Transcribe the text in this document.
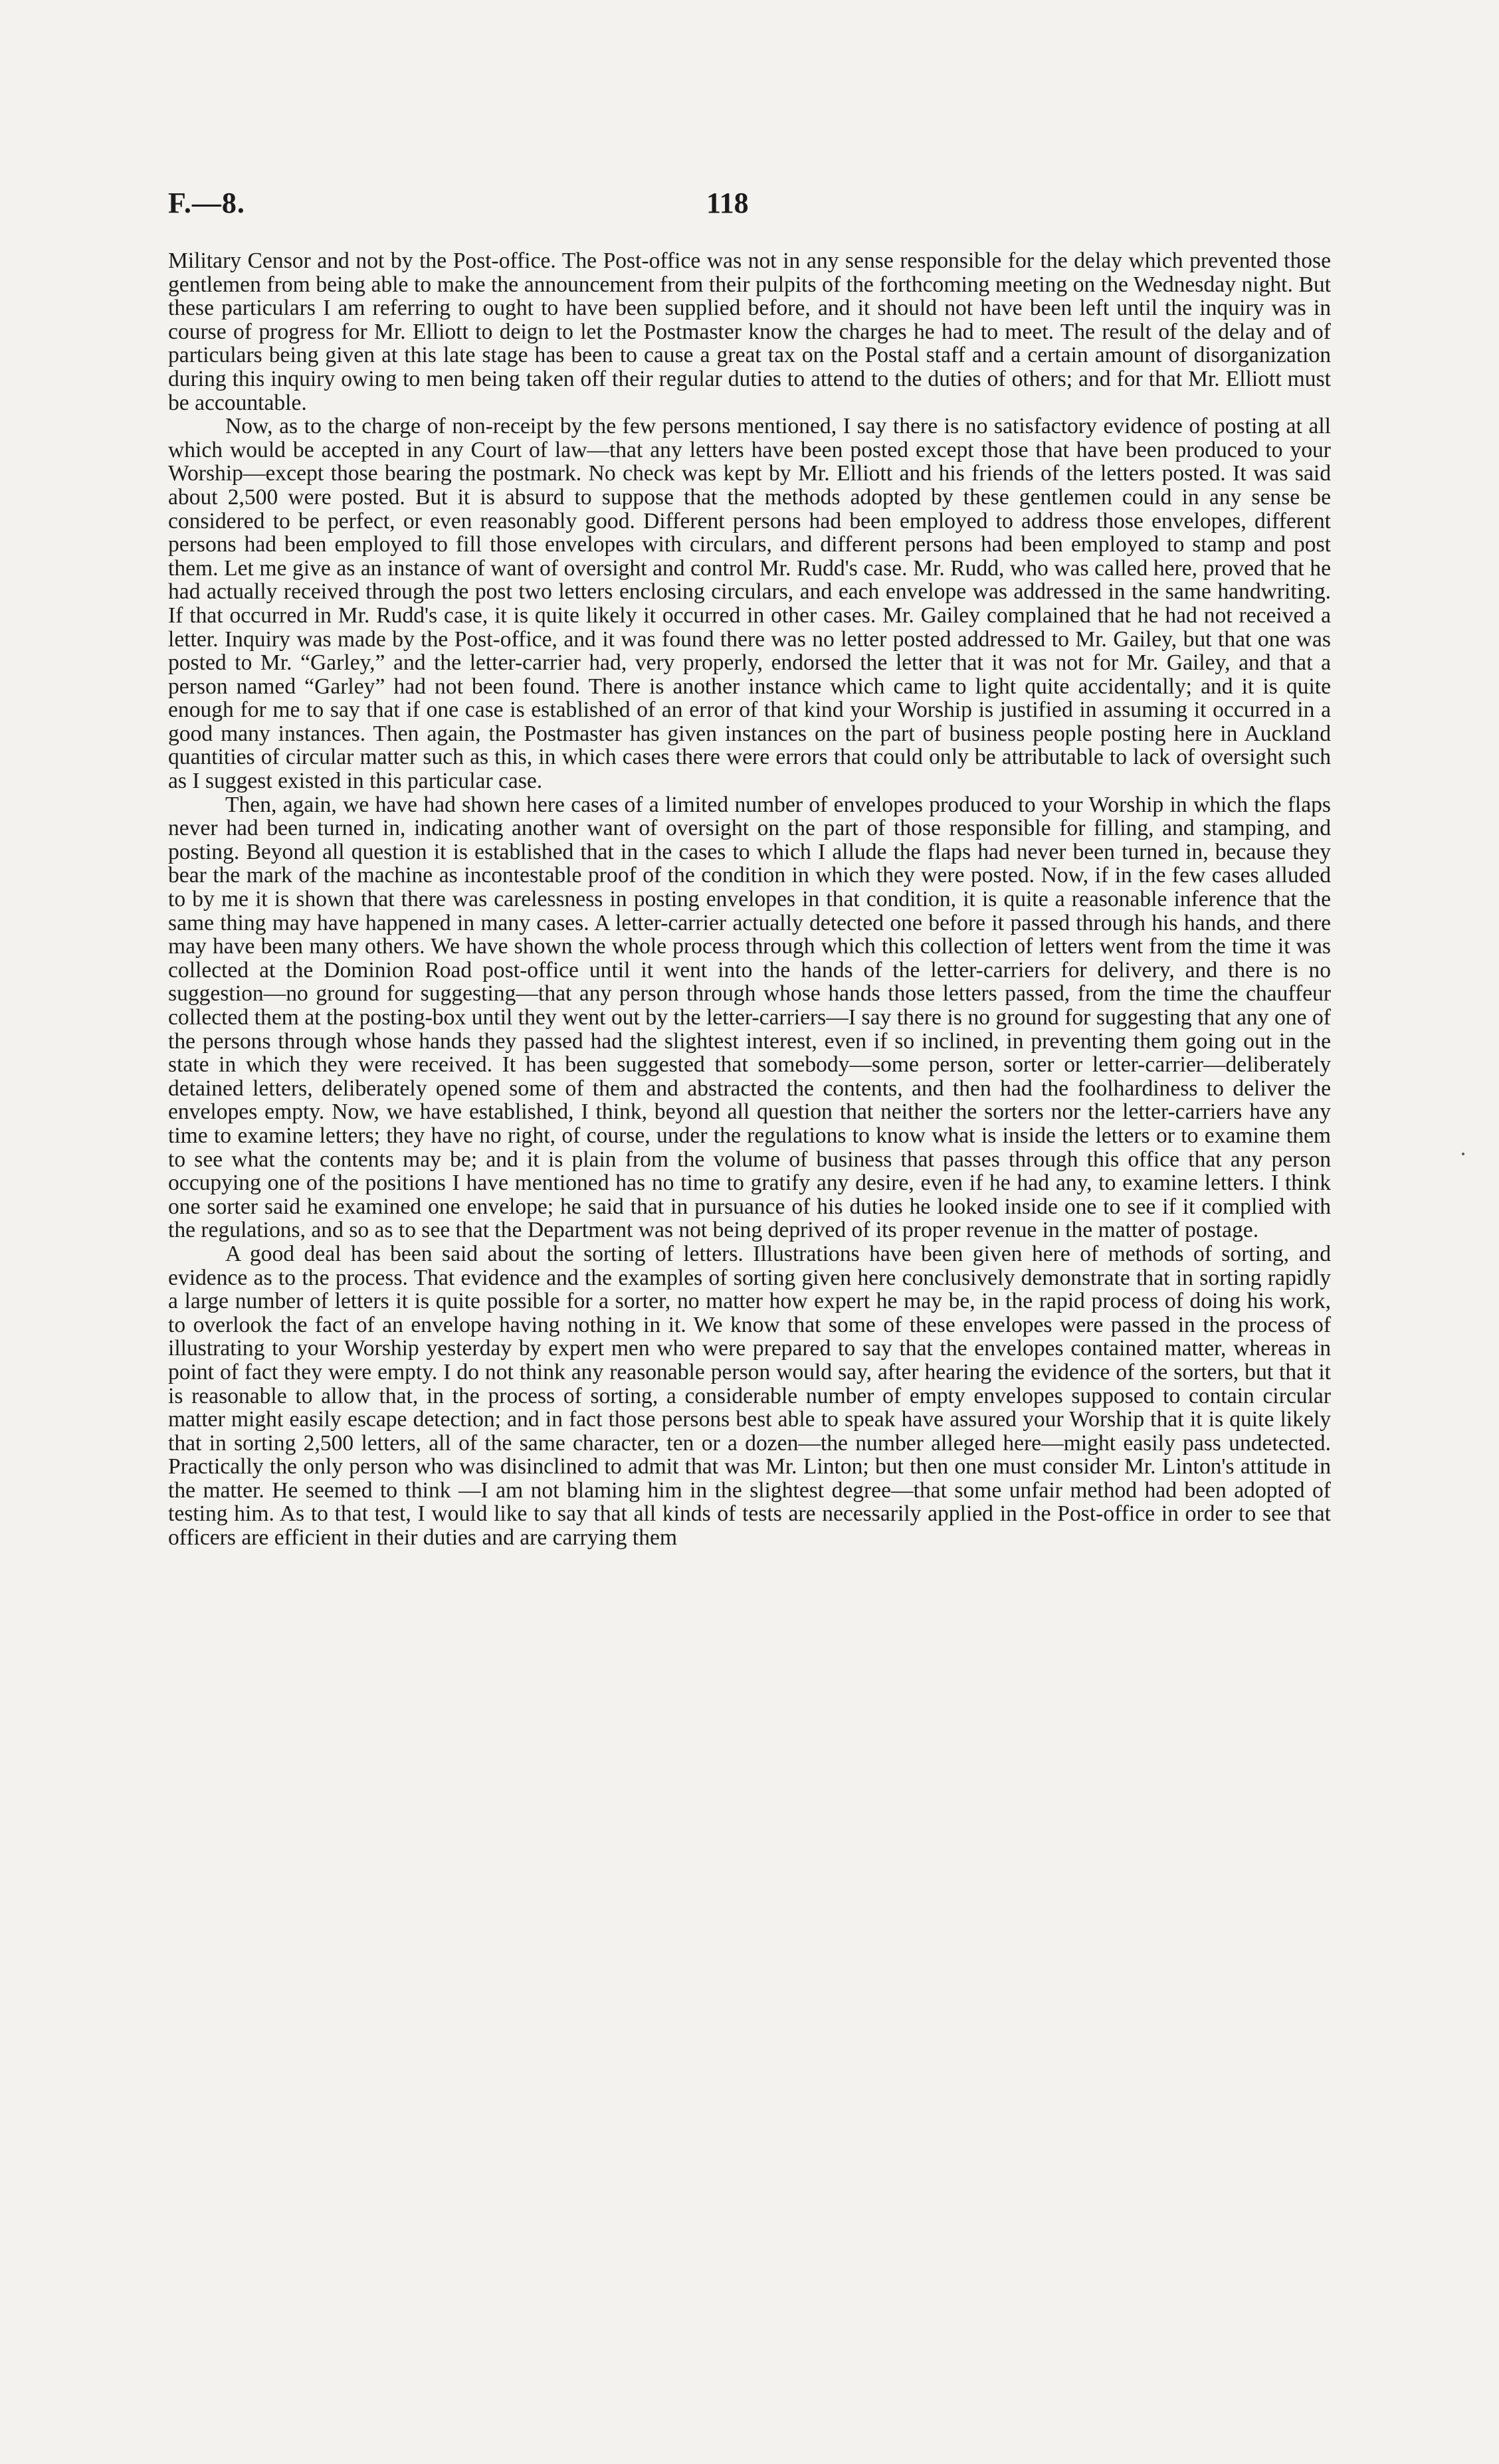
F.—8.	118

Military Censor and not by the Post-office. The Post-office was not in any sense responsible for the delay which prevented those gentlemen from being able to make the announcement from their pulpits of the forthcoming meeting on the Wednesday night. But these particulars I am referring to ought to have been supplied before, and it should not have been left until the inquiry was in course of progress for Mr. Elliott to deign to let the Postmaster know the charges he had to meet. The result of the delay and of particulars being given at this late stage has been to cause a great tax on the Postal staff and a certain amount of disorganization during this inquiry owing to men being taken off their regular duties to attend to the duties of others; and for that Mr. Elliott must be accountable.

Now, as to the charge of non-receipt by the few persons mentioned, I say there is no satisfactory evidence of posting at all which would be accepted in any Court of law—that any letters have been posted except those that have been produced to your Worship—except those bearing the postmark. No check was kept by Mr. Elliott and his friends of the letters posted. It was said about 2,500 were posted. But it is absurd to suppose that the methods adopted by these gentlemen could in any sense be considered to be perfect, or even reasonably good. Different persons had been employed to address those envelopes, different persons had been employed to fill those envelopes with circulars, and different persons had been employed to stamp and post them. Let me give as an instance of want of oversight and control Mr. Rudd's case. Mr. Rudd, who was called here, proved that he had actually received through the post two letters enclosing circulars, and each envelope was addressed in the same handwriting. If that occurred in Mr. Rudd's case, it is quite likely it occurred in other cases. Mr. Gailey complained that he had not received a letter. Inquiry was made by the Post-office, and it was found there was no letter posted addressed to Mr. Gailey, but that one was posted to Mr. “Garley,” and the letter-carrier had, very properly, endorsed the letter that it was not for Mr. Gailey, and that a person named “Garley” had not been found. There is another instance which came to light quite accidentally; and it is quite enough for me to say that if one case is established of an error of that kind your Worship is justified in assuming it occurred in a good many instances. Then again, the Postmaster has given instances on the part of business people posting here in Auckland quantities of circular matter such as this, in which cases there were errors that could only be attributable to lack of oversight such as I suggest existed in this particular case.

Then, again, we have had shown here cases of a limited number of envelopes produced to your Worship in which the flaps never had been turned in, indicating another want of oversight on the part of those responsible for filling, and stamping, and posting. Beyond all question it is established that in the cases to which I allude the flaps had never been turned in, because they bear the mark of the machine as incontestable proof of the condition in which they were posted. Now, if in the few cases alluded to by me it is shown that there was carelessness in posting envelopes in that condition, it is quite a reasonable inference that the same thing may have happened in many cases. A letter-carrier actually detected one before it passed through his hands, and there may have been many others. We have shown the whole process through which this collection of letters went from the time it was collected at the Dominion Road post-office until it went into the hands of the letter-carriers for delivery, and there is no suggestion—no ground for suggesting—that any person through whose hands those letters passed, from the time the chauffeur collected them at the posting-box until they went out by the letter-carriers—I say there is no ground for suggesting that any one of the persons through whose hands they passed had the slightest interest, even if so inclined, in preventing them going out in the state in which they were received. It has been suggested that somebody—some person, sorter or letter-carrier—deliberately detained letters, deliberately opened some of them and abstracted the contents, and then had the foolhardiness to deliver the envelopes empty. Now, we have established, I think, beyond all question that neither the sorters nor the letter-carriers have any time to examine letters; they have no right, of course, under the regulations to know what is inside the letters or to examine them to see what the contents may be; and it is plain from the volume of business that passes through this office that any person occupying one of the positions I have mentioned has no time to gratify any desire, even if he had any, to examine letters. I think one sorter said he examined one envelope; he said that in pursuance of his duties he looked inside one to see if it complied with the regulations, and so as to see that the Department was not being deprived of its proper revenue in the matter of postage.

A good deal has been said about the sorting of letters. Illustrations have been given here of methods of sorting, and evidence as to the process. That evidence and the examples of sorting given here conclusively demonstrate that in sorting rapidly a large number of letters it is quite possible for a sorter, no matter how expert he may be, in the rapid process of doing his work, to overlook the fact of an envelope having nothing in it. We know that some of these envelopes were passed in the process of illustrating to your Worship yesterday by expert men who were prepared to say that the envelopes contained matter, whereas in point of fact they were empty. I do not think any reasonable person would say, after hearing the evidence of the sorters, but that it is reasonable to allow that, in the process of sorting, a considerable number of empty envelopes supposed to contain circular matter might easily escape detection; and in fact those persons best able to speak have assured your Worship that it is quite likely that in sorting 2,500 letters, all of the same character, ten or a dozen—the number alleged here—might easily pass undetected. Practically the only person who was disinclined to admit that was Mr. Linton; but then one must consider Mr. Linton's attitude in the matter. He seemed to think —I am not blaming him in the slightest degree—that some unfair method had been adopted of testing him. As to that test, I would like to say that all kinds of tests are necessarily applied in the Post-office in order to see that officers are efficient in their duties and are carrying them
